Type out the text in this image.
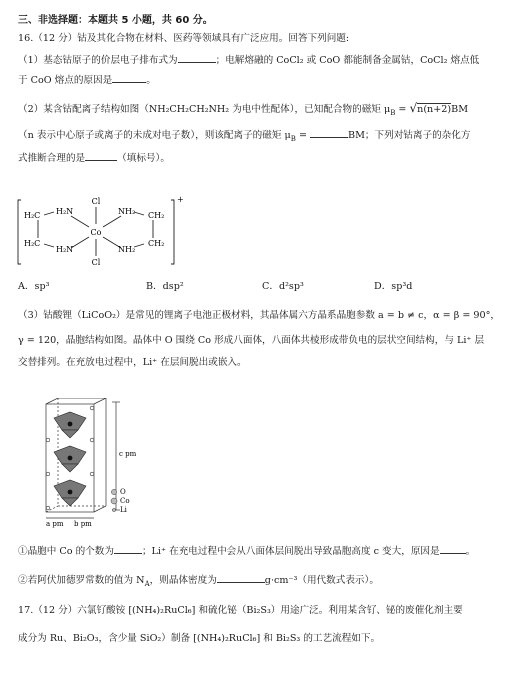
三、非选择题：本题共 5 小题，共 60 分。
16.（12 分）钴及其化合物在材料、医药等领域具有广泛应用。回答下列问题:
（1）基态钴原子的价层电子排布式为	；电解熔融的 CoCl₂ 或 CoO 都能制备金属钴，CoCl₂ 熔点低
于 CoO 熔点的原因是	。
（2）某含钴配离子结构如图（NH₂CH₂CH₂NH₂ 为电中性配体），已知配合物的磁矩 $\mu_B = √n(n+2)BM$
（n 表示中心原子或离子的未成对电子数），则该配离子的磁矩 $\mu_B$ =	BM；下列对钴离子的杂化方
式推断合理的是	（填标号）。
Cl
Cl
Co
H₂N
H₂N
NH₂
NH₂
H₂C
H₂C
CH₂
CH₂
+
A．sp³	B．dsp²	C．d²sp³	D．sp³d
（3）钴酸锂（LiCoO₂）是常见的锂离子电池正极材料，其晶体属六方晶系晶胞参数 a = b ≠ c，α = β = 90°，
γ = 120，晶胞结构如图。晶体中 O 围绕 Co 形成八面体，八面体共棱形成带负电的层状空间结构，与 Li⁺ 层
交替排列。在充放电过程中，Li⁺ 在层间脱出或嵌入。
c pm
O
Co
Li
a pm b pm
①晶胞中 Co 的个数为	；Li⁺ 在充电过程中会从八面体层间脱出导致晶胞高度 c 变大，原因是	。
②若阿伏加德罗常数的值为 $N_A$，则晶体密度为	g·cm⁻³（用代数式表示）。
17.（12 分）六氯钌酸铵 [(NH₄)₂RuCl₆] 和硫化铋（Bi₂S₃）用途广泛。利用某含钌、铋的废催化剂主要
成分为 Ru、Bi₂O₃，含少量 SiO₂）制备 [(NH₄)₂RuCl₆] 和 Bi₂S₃ 的工艺流程如下。
